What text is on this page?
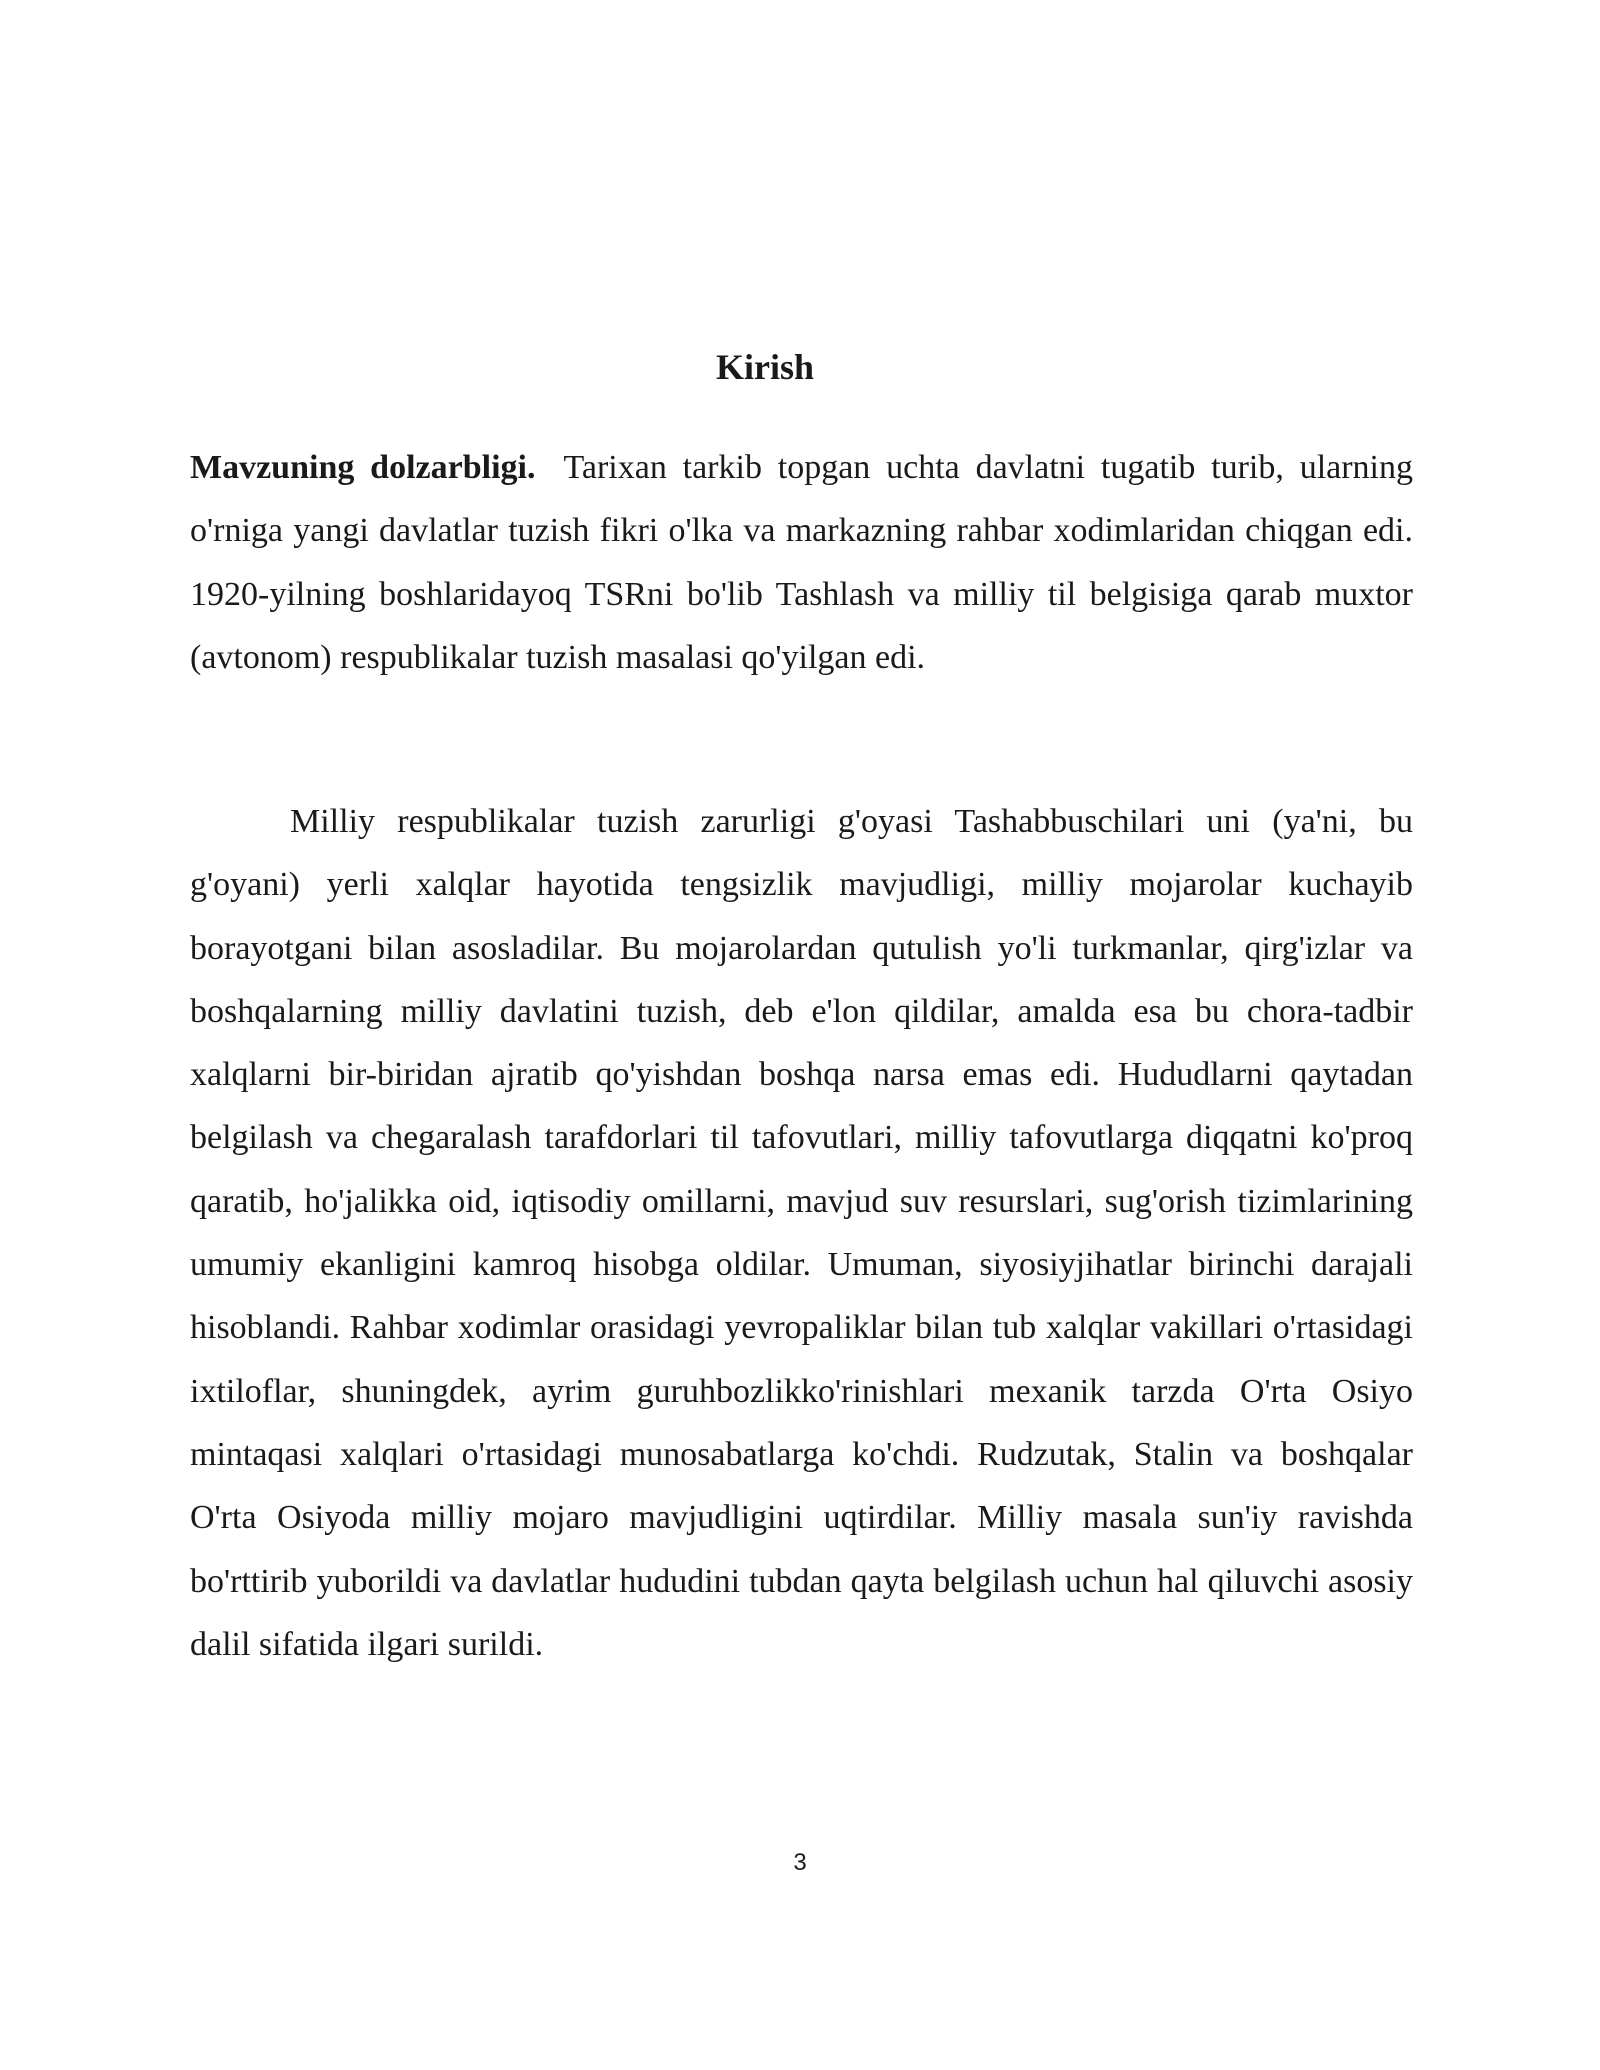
Kirish

Mavzuning dolzarbligi. Tarixan tarkib topgan uchta davlatni tugatib turib, ularning o'rniga yangi davlatlar tuzish fikri o'lka va markazning rahbar xodimlaridan chiqgan edi. 1920-yilning boshlaridayoq TSRni bo'lib Tashlash va milliy til belgisiga qarab muxtor (avtonom) respublikalar tuzish masalasi qo'yilgan edi.

Milliy respublikalar tuzish zarurligi g'oyasi Tashabbuschilari uni (ya'ni, bu g'oyani) yerli xalqlar hayotida tengsizlik mavjudligi, milliy mojarolar kuchayib borayotgani bilan asosladilar. Bu mojarolardan qutulish yo'li turkmanlar, qirg'izlar va boshqalarning milliy davlatini tuzish, deb e'lon qildilar, amalda esa bu chora-tadbir xalqlarni bir-biridan ajratib qo'yishdan boshqa narsa emas edi. Hududlarni qaytadan belgilash va chegaralash tarafdorlari til tafovutlari, milliy tafovutlarga diqqatni ko'proq qaratib, ho'jalikka oid, iqtisodiy omillarni, mavjud suv resurslari, sug'orish tizimlarining umumiy ekanligini kamroq hisobga oldilar. Umuman, siyosiyjihatlar birinchi darajali hisoblandi. Rahbar xodimlar orasidagi yevropaliklar bilan tub xalqlar vakillari o'rtasidagi ixtiloflar, shuningdek, ayrim guruhbozlikko'rinishlari mexanik tarzda O'rta Osiyo mintaqasi xalqlari o'rtasidagi munosabatlarga ko'chdi. Rudzutak, Stalin va boshqalar O'rta Osiyoda milliy mojaro mavjudligini uqtirdilar. Milliy masala sun'iy ravishda bo'rttirib yuborildi va davlatlar hududini tubdan qayta belgilash uchun hal qiluvchi asosiy dalil sifatida ilgari surildi.

3
